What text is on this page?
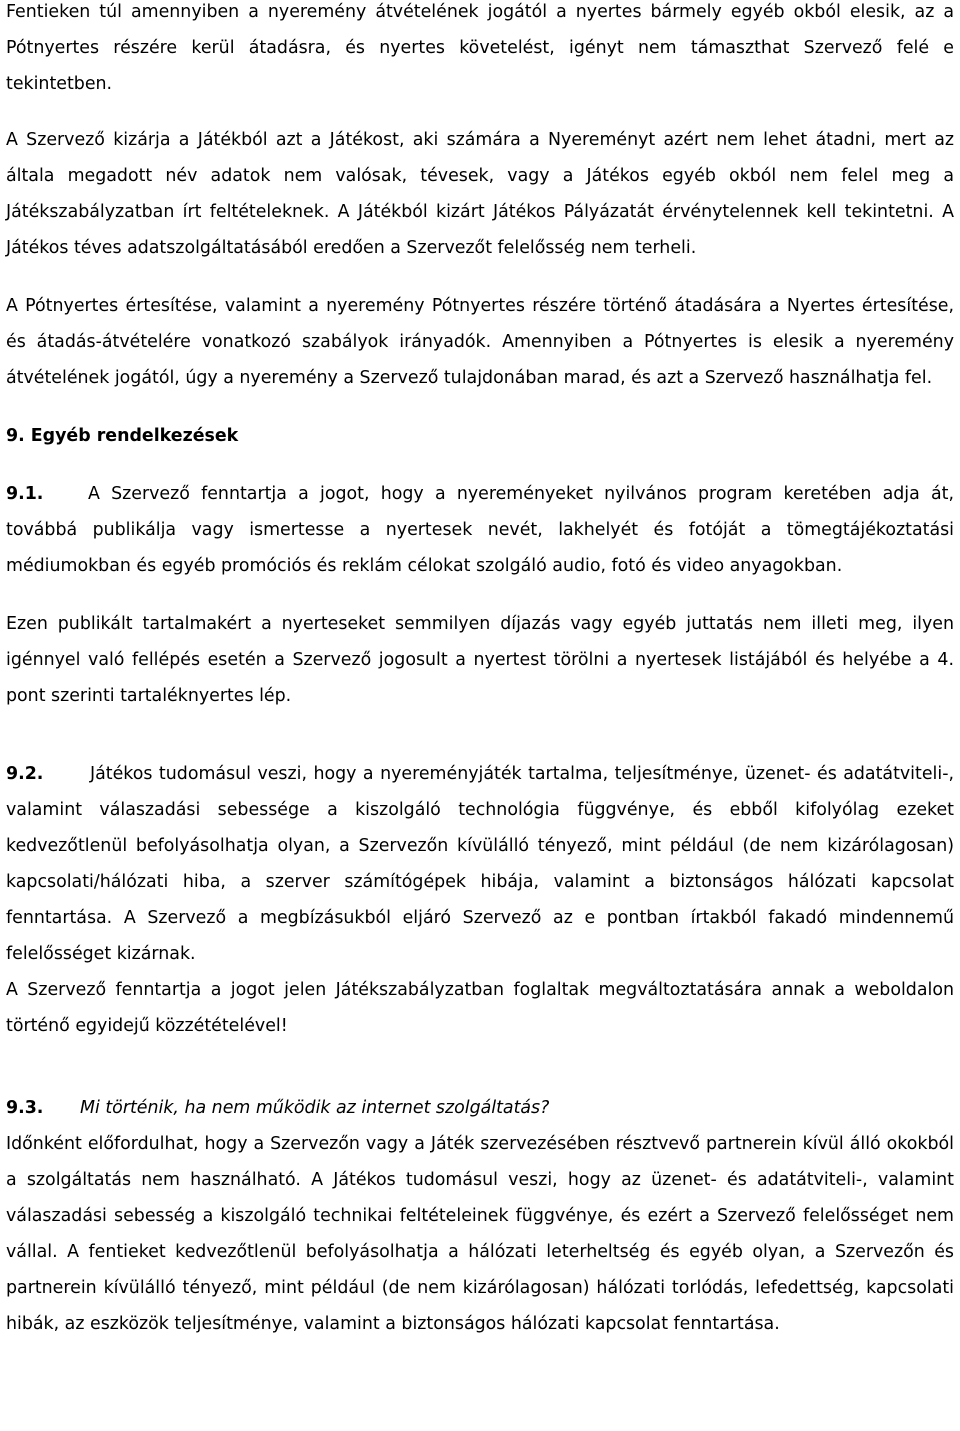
Fentieken túl amennyiben a nyeremény átvételének jogától a nyertes bármely egyéb okból elesik, az a Pótnyertes részére kerül átadásra, és nyertes követelést, igényt nem támaszthat Szervező felé e tekintetben.

A Szervező kizárja a Játékból azt a Játékost, aki számára a Nyereményt azért nem lehet átadni, mert az általa megadott név adatok nem valósak, tévesek, vagy a Játékos egyéb okból nem felel meg a Játékszabályzatban írt feltételeknek. A Játékból kizárt Játékos Pályázatát érvénytelennek kell tekintetni. A Játékos téves adatszolgáltatásából eredően a Szervezőt felelősség nem terheli.

A Pótnyertes értesítése, valamint a nyeremény Pótnyertes részére történő átadására a Nyertes értesítése, és átadás-átvételére vonatkozó szabályok irányadók. Amennyiben a Pótnyertes is elesik a nyeremény átvételének jogától, úgy a nyeremény a Szervező tulajdonában marad, és azt a Szervező használhatja fel.

9. Egyéb rendelkezések

9.1.	A Szervező fenntartja a jogot, hogy a nyereményeket nyilvános program keretében adja át, továbbá publikálja vagy ismertesse a nyertesek nevét, lakhelyét és fotóját a tömegtájékoztatási médiumokban és egyéb promóciós és reklám célokat szolgáló audio, fotó és video anyagokban.

Ezen publikált tartalmakért a nyerteseket semmilyen díjazás vagy egyéb juttatás nem illeti meg, ilyen igénnyel való fellépés esetén a Szervező jogosult a nyertest törölni a nyertesek listájából és helyébe a 4. pont szerinti tartaléknyertes lép.

9.2.	Játékos tudomásul veszi, hogy a nyereményjáték tartalma, teljesítménye, üzenet- és adatátviteli-, valamint válaszadási sebessége a kiszolgáló technológia függvénye, és ebből kifolyólag ezeket kedvezőtlenül befolyásolhatja olyan, a Szervezőn kívülálló tényező, mint például (de nem kizárólagosan) kapcsolati/hálózati hiba, a szerver számítógépek hibája, valamint a biztonságos hálózati kapcsolat fenntartása. A Szervező a megbízásukból eljáró Szervező az e pontban írtakból fakadó mindennemű felelősséget kizárnak.

A Szervező fenntartja a jogot jelen Játékszabályzatban foglaltak megváltoztatására annak a weboldalon történő egyidejű közzétételével!

9.3. Mi történik, ha nem működik az internet szolgáltatás?

Időnként előfordulhat, hogy a Szervezőn vagy a Játék szervezésében résztvevő partnerein kívül álló okokból a szolgáltatás nem használható. A Játékos tudomásul veszi, hogy az üzenet- és adatátviteli-, valamint válaszadási sebesség a kiszolgáló technikai feltételeinek függvénye, és ezért a Szervező felelősséget nem vállal. A fentieket kedvezőtlenül befolyásolhatja a hálózati leterheltség és egyéb olyan, a Szervezőn és partnerein kívülálló tényező, mint például (de nem kizárólagosan) hálózati torlódás, lefedettség, kapcsolati hibák, az eszközök teljesítménye, valamint a biztonságos hálózati kapcsolat fenntartása.
